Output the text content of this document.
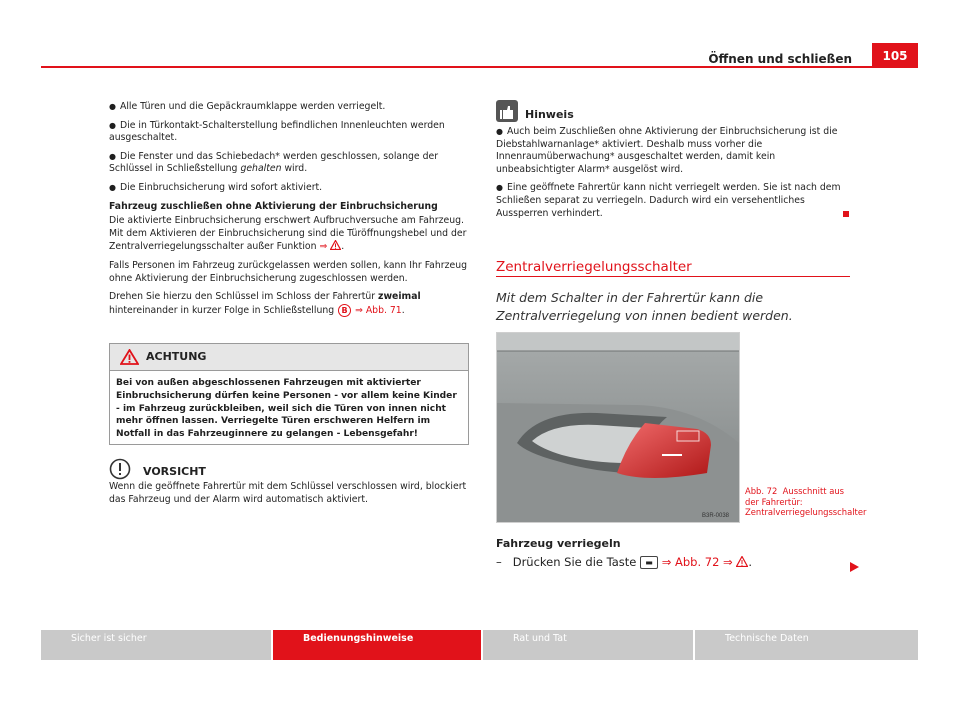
Öffnen und schließen	105

● Alle Türen und die Gepäckraumklappe werden verriegelt.

● Die in Türkontakt-Schalterstellung befindlichen Innenleuchten werden ausgeschaltet.

● Die Fenster und das Schiebedach* werden geschlossen, solange der Schlüssel in Schließstellung gehalten wird.

● Die Einbruchsicherung wird sofort aktiviert.

Fahrzeug zuschließen ohne Aktivierung der Einbruchsicherung

Die aktivierte Einbruchsicherung erschwert Aufbruchversuche am Fahrzeug. Mit dem Aktivieren der Einbruchsicherung sind die Türöffnungshebel und der Zentralverriegelungsschalter außer Funktion ⇒ .

Falls Personen im Fahrzeug zurückgelassen werden sollen, kann Ihr Fahrzeug ohne Aktivierung der Einbruchsicherung zugeschlossen werden.

Drehen Sie hierzu den Schlüssel im Schloss der Fahrertür zweimal hintereinander in kurzer Folge in Schließstellung B ⇒ Abb. 71.

ACHTUNG
Bei von außen abgeschlossenen Fahrzeugen mit aktivierter Einbruchsicherung dürfen keine Personen - vor allem keine Kinder - im Fahrzeug zurückbleiben, weil sich die Türen von innen nicht mehr öffnen lassen. Verriegelte Türen erschweren Helfern im Notfall in das Fahrzeuginnere zu gelangen - Lebensgefahr!
VORSICHT
Wenn die geöffnete Fahrertür mit dem Schlüssel verschlossen wird, blockiert das Fahrzeug und der Alarm wird automatisch aktiviert.
Hinweis

● Auch beim Zuschließen ohne Aktivierung der Einbruchsicherung ist die Diebstahlwarnanlage* aktiviert. Deshalb muss vorher die Innenraumüberwachung* ausgeschaltet werden, damit kein unbeabsichtigter Alarm* ausgelöst wird.

● Eine geöffnete Fahrertür kann nicht verriegelt werden. Sie ist nach dem Schließen separat zu verriegeln. Dadurch wird ein versehentliches Aussperren verhindert.

Zentralverriegelungsschalter
Mit dem Schalter in der Fahrertür kann die Zentralverriegelung von innen bedient werden.
B3R-0038
Abb. 72 Ausschnitt aus der Fahrertür: Zentralverriegelungsschalter
Fahrzeug verriegeln
– Drücken Sie die Taste ▬ ⇒ Abb. 72 ⇒ .
Sicher ist sicher	Bedienungshinweise	Rat und Tat	Technische Daten
